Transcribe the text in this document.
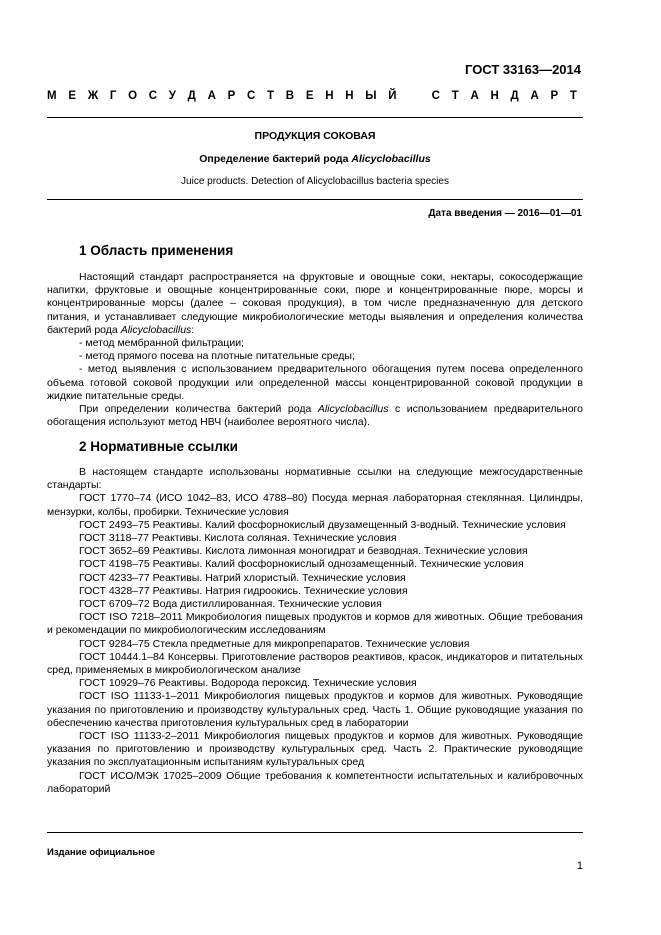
ГОСТ 33163—2014
М Е Ж Г О С У Д А Р С Т В Е Н Н Ы Й	С Т А Н Д А Р Т
ПРОДУКЦИЯ СОКОВАЯ
Определение бактерий рода Alicyclobacillus
Juice products. Detection of Alicyclobacillus bacteria species
Дата введения — 2016—01—01
1 Область применения

Настоящий стандарт распространяется на фруктовые и овощные соки, нектары, сокосодержащие напитки, фруктовые и овощные концентрированные соки, пюре и концентрированные пюре, морсы и концентрированные морсы (далее – соковая продукция), в том числе предназначенную для детского питания, и устанавливает следующие микробиологические методы выявления и определения количества бактерий рода Alicyclobacillus:

- метод мембранной фильтрации;

- метод прямого посева на плотные питательные среды;

- метод выявления с использованием предварительного обогащения путем посева определенного объема готовой соковой продукции или определенной массы концентрированной соковой продукции в жидкие питательные среды.

При определении количества бактерий рода Alicyclobacillus с использованием предварительного обогащения используют метод НВЧ (наиболее вероятного числа).

2 Нормативные ссылки

В настоящем стандарте использованы нормативные ссылки на следующие межгосударственные стандарты:

ГОСТ 1770–74 (ИСО 1042–83, ИСО 4788–80) Посуда мерная лабораторная стеклянная. Цилиндры, мензурки, колбы, пробирки. Технические условия

ГОСТ 2493–75 Реактивы. Калий фосфорнокислый двузамещенный 3-водный. Технические условия

ГОСТ 3118–77 Реактивы. Кислота соляная. Технические условия

ГОСТ 3652–69 Реактивы. Кислота лимонная моногидрат и безводная. Технические условия

ГОСТ 4198–75 Реактивы. Калий фосфорнокислый однозамещенный. Технические условия

ГОСТ 4233–77 Реактивы. Натрий хлористый. Технические условия

ГОСТ 4328–77 Реактивы. Натрия гидроокись. Технические условия

ГОСТ 6709–72 Вода дистиллированная. Технические условия

ГОСТ ISO 7218–2011 Микробиология пищевых продуктов и кормов для животных. Общие требования и рекомендации по микробиологическим исследованиям

ГОСТ 9284–75 Стекла предметные для микропрепаратов. Технические условия

ГОСТ 10444.1–84 Консервы. Приготовление растворов реактивов, красок, индикаторов и питательных сред, применяемых в микробиологическом анализе

ГОСТ 10929–76 Реактивы. Водорода пероксид. Технические условия

ГОСТ ISO 11133-1–2011 Микробиология пищевых продуктов и кормов для животных. Руководящие указания по приготовлению и производству культуральных сред. Часть 1. Общие руководящие указания по обеспечению качества приготовления культуральных сред в лаборатории

ГОСТ ISO 11133-2–2011 Микробиология пищевых продуктов и кормов для животных. Руководящие указания по приготовлению и производству культуральных сред. Часть 2. Практические руководящие указания по эксплуатационным испытаниям культуральных сред

ГОСТ ИСО/МЭК 17025–2009 Общие требования к компетентности испытательных и калибровочных лабораторий

Издание официальное
1
